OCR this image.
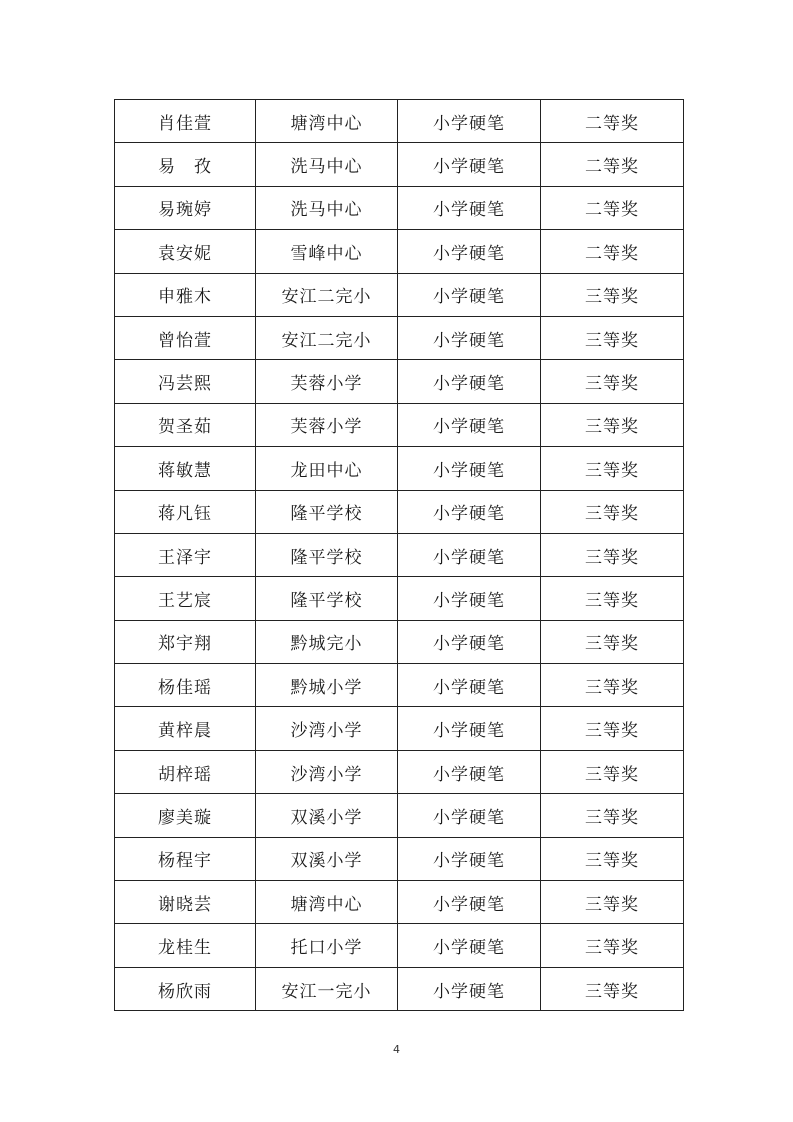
肖佳萱	塘湾中心	小学硬笔	二等奖
易　孜	洗马中心	小学硬笔	二等奖
易琬婷	洗马中心	小学硬笔	二等奖
袁安妮	雪峰中心	小学硬笔	二等奖
申雅木	安江二完小	小学硬笔	三等奖
曾怡萱	安江二完小	小学硬笔	三等奖
冯芸熙	芙蓉小学	小学硬笔	三等奖
贺圣茹	芙蓉小学	小学硬笔	三等奖
蒋敏慧	龙田中心	小学硬笔	三等奖
蒋凡钰	隆平学校	小学硬笔	三等奖
王泽宇	隆平学校	小学硬笔	三等奖
王艺宸	隆平学校	小学硬笔	三等奖
郑宇翔	黔城完小	小学硬笔	三等奖
杨佳瑶	黔城小学	小学硬笔	三等奖
黄梓晨	沙湾小学	小学硬笔	三等奖
胡梓瑶	沙湾小学	小学硬笔	三等奖
廖美璇	双溪小学	小学硬笔	三等奖
杨程宇	双溪小学	小学硬笔	三等奖
谢晓芸	塘湾中心	小学硬笔	三等奖
龙桂生	托口小学	小学硬笔	三等奖
杨欣雨	安江一完小	小学硬笔	三等奖
4
